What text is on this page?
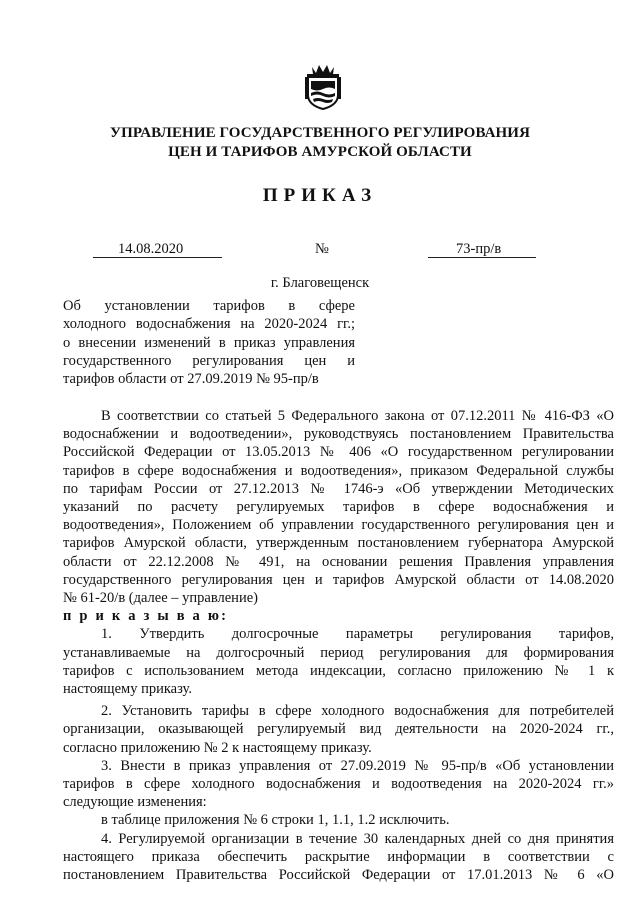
УПРАВЛЕНИЕ ГОСУДАРСТВЕННОГО РЕГУЛИРОВАНИЯ
ЦЕН И ТАРИФОВ АМУРСКОЙ ОБЛАСТИ
ПРИКАЗ
14.08.2020	№	73-пр/в
г. Благовещенск
Об установлении тарифов в сфере
холодного водоснабжения на 2020-2024 гг.;
о внесении изменений в приказ управления
государственного регулирования цен и
тарифов области от 27.09.2019 № 95-пр/в
В соответствии со статьей 5 Федерального закона от 07.12.2011 № 416-ФЗ «О
водоснабжении и водоотведении», руководствуясь постановлением Правительства
Российской Федерации от 13.05.2013 № 406 «О государственном регулировании
тарифов в сфере водоснабжения и водоотведения», приказом Федеральной службы
по тарифам России от 27.12.2013 № 1746-э «Об утверждении Методических
указаний по расчету регулируемых тарифов в сфере водоснабжения и
водоотведения», Положением об управлении государственного регулирования цен и
тарифов Амурской области, утвержденным постановлением губернатора Амурской
области от 22.12.2008 № 491, на основании решения Правления управления
государственного регулирования цен и тарифов Амурской области от 14.08.2020
№ 61-20/в (далее – управление)
п р и к а з ы в а ю:
1. Утвердить долгосрочные параметры регулирования тарифов,
устанавливаемые на долгосрочный период регулирования для формирования
тарифов с использованием метода индексации, согласно приложению № 1 к
настоящему приказу.
2. Установить тарифы в сфере холодного водоснабжения для потребителей
организации, оказывающей регулируемый вид деятельности на 2020-2024 гг.,
согласно приложению № 2 к настоящему приказу.
3. Внести в приказ управления от 27.09.2019 № 95-пр/в «Об установлении
тарифов в сфере холодного водоснабжения и водоотведения на 2020-2024 гг.»
следующие изменения:
в таблице приложения № 6 строки 1, 1.1, 1.2 исключить.
4. Регулируемой организации в течение 30 календарных дней со дня принятия
настоящего приказа обеспечить раскрытие информации в соответствии с
постановлением Правительства Российской Федерации от 17.01.2013 № 6 «О
